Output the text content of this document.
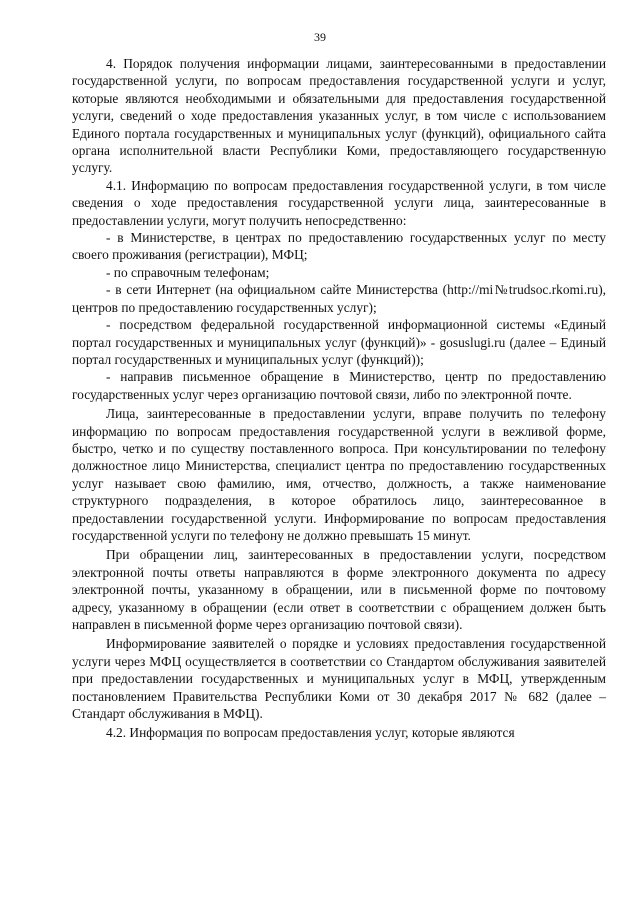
39

4. Порядок получения информации лицами, заинтересованными в предоставлении государственной услуги, по вопросам предоставления государственной услуги и услуг, которые являются необходимыми и обязательными для предоставления государственной услуги, сведений о ходе предоставления указанных услуг, в том числе с использованием Единого портала государственных и муниципальных услуг (функций), официального сайта органа исполнительной власти Республики Коми, предоставляющего государственную услугу.

4.1. Информацию по вопросам предоставления государственной услуги, в том числе сведения о ходе предоставления государственной услуги лица, заинтересованные в предоставлении услуги, могут получить непосредственно:

- в Министерстве, в центрах по предоставлению государственных услуг по месту своего проживания (регистрации), МФЦ;

- по справочным телефонам;

- в сети Интернет (на официальном сайте Министерства (http://mi№trudsoc.rkomi.ru), центров по предоставлению государственных услуг);

- посредством федеральной государственной информационной системы «Единый портал государственных и муниципальных услуг (функций)» - gosuslugi.ru (далее – Единый портал государственных и муниципальных услуг (функций));

- направив письменное обращение в Министерство, центр по предоставлению государственных услуг через организацию почтовой связи, либо по электронной почте.

Лица, заинтересованные в предоставлении услуги, вправе получить по телефону информацию по вопросам предоставления государственной услуги в вежливой форме, быстро, четко и по существу поставленного вопроса. При консультировании по телефону должностное лицо Министерства, специалист центра по предоставлению государственных услуг называет свою фамилию, имя, отчество, должность, а также наименование структурного подразделения, в которое обратилось лицо, заинтересованное в предоставлении государственной услуги. Информирование по вопросам предоставления государственной услуги по телефону не должно превышать 15 минут.

При обращении лиц, заинтересованных в предоставлении услуги, посредством электронной почты ответы направляются в форме электронного документа по адресу электронной почты, указанному в обращении, или в письменной форме по почтовому адресу, указанному в обращении (если ответ в соответствии с обращением должен быть направлен в письменной форме через организацию почтовой связи).

Информирование заявителей о порядке и условиях предоставления государственной услуги через МФЦ осуществляется в соответствии со Стандартом обслуживания заявителей при предоставлении государственных и муниципальных услуг в МФЦ, утвержденным постановлением Правительства Республики Коми от 30 декабря 2017 № 682 (далее – Стандарт обслуживания в МФЦ).

4.2. Информация по вопросам предоставления услуг, которые являются
